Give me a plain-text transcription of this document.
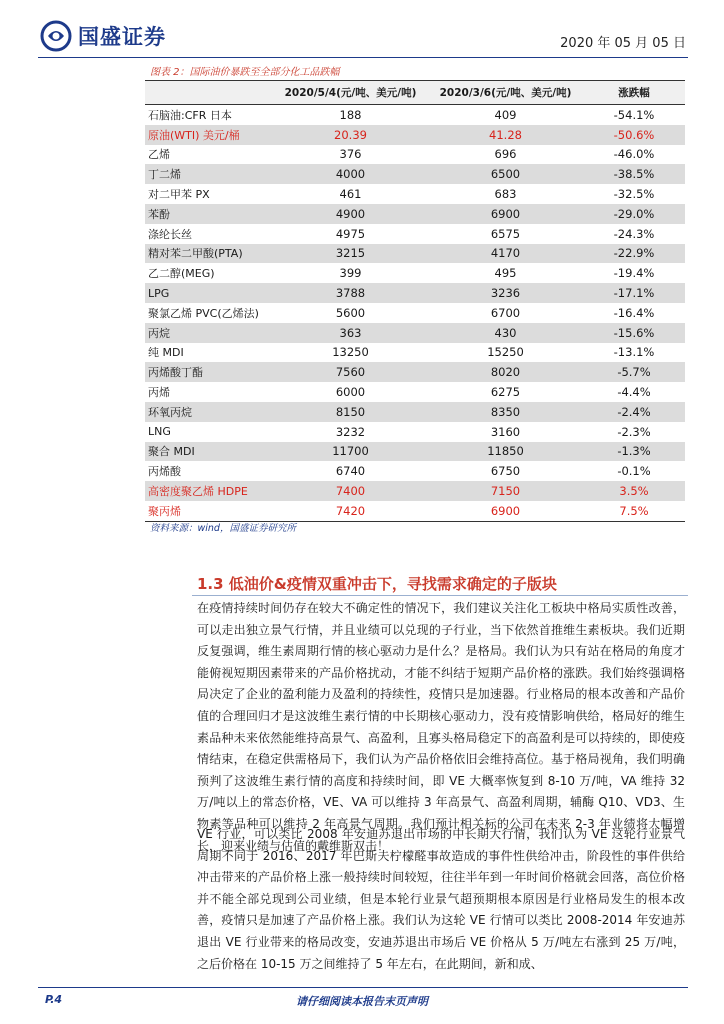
国盛证券	2020 年 05 月 05 日
图表 2：国际油价暴跌至全部分化工品跌幅
	2020/5/4(元/吨、美元/吨)	2020/3/6(元/吨、美元/吨)	涨跌幅
石脑油:CFR 日本	188	409	-54.1%
原油(WTI) 美元/桶	20.39	41.28	-50.6%
乙烯	376	696	-46.0%
丁二烯	4000	6500	-38.5%
对二甲苯 PX	461	683	-32.5%
苯酚	4900	6900	-29.0%
涤纶长丝	4975	6575	-24.3%
精对苯二甲酸(PTA)	3215	4170	-22.9%
乙二醇(MEG)	399	495	-19.4%
LPG	3788	3236	-17.1%
聚氯乙烯 PVC(乙烯法)	5600	6700	-16.4%
丙烷	363	430	-15.6%
纯 MDI	13250	15250	-13.1%
丙烯酸丁酯	7560	8020	-5.7%
丙烯	6000	6275	-4.4%
环氧丙烷	8150	8350	-2.4%
LNG	3232	3160	-2.3%
聚合 MDI	11700	11850	-1.3%
丙烯酸	6740	6750	-0.1%
高密度聚乙烯 HDPE	7400	7150	3.5%
聚丙烯	7420	6900	7.5%
资料来源：wind，国盛证券研究所
1.3 低油价&疫情双重冲击下，寻找需求确定的子版块
在疫情持续时间仍存在较大不确定性的情况下，我们建议关注化工板块中格局实质性改善，可以走出独立景气行情，并且业绩可以兑现的子行业，当下依然首推维生素板块。我们近期反复强调，维生素周期行情的核心驱动力是什么？是格局。我们认为只有站在格局的角度才能俯视短期因素带来的产品价格扰动，才能不纠结于短期产品价格的涨跌。我们始终强调格局决定了企业的盈利能力及盈利的持续性，疫情只是加速器。行业格局的根本改善和产品价值的合理回归才是这波维生素行情的中长期核心驱动力，没有疫情影响供给，格局好的维生素品种未来依然能维持高景气、高盈利，且寡头格局稳定下的高盈利是可以持续的，即使疫情结束，在稳定供需格局下，我们认为产品价格依旧会维持高位。基于格局视角，我们明确预判了这波维生素行情的高度和持续时间，即 VE 大概率恢复到 8-10 万/吨，VA 维持 32 万/吨以上的常态价格，VE、VA 可以维持 3 年高景气、高盈利周期，辅酶 Q10、VD3、生物素等品种可以维持 2 年高景气周期。我们预计相关标的公司在未来 2-3 年业绩将大幅增长，迎来业绩与估值的戴维斯双击！
VE 行业，可以类比 2008 年安迪苏退出市场的中长期大行情，我们认为 VE 这轮行业景气周期不同于 2016、2017 年巴斯夫柠檬醛事故造成的事件性供给冲击，阶段性的事件供给冲击带来的产品价格上涨一般持续时间较短，往往半年到一年时间价格就会回落，高位价格并不能全部兑现到公司业绩，但是本轮行业景气超预期根本原因是行业格局发生的根本改善，疫情只是加速了产品价格上涨。我们认为这轮 VE 行情可以类比 2008-2014 年安迪苏退出 VE 行业带来的格局改变，安迪苏退出市场后 VE 价格从 5 万/吨左右涨到 25 万/吨，之后价格在 10-15 万之间维持了 5 年左右，在此期间，新和成、
请仔细阅读本报告末页声明
P.4
